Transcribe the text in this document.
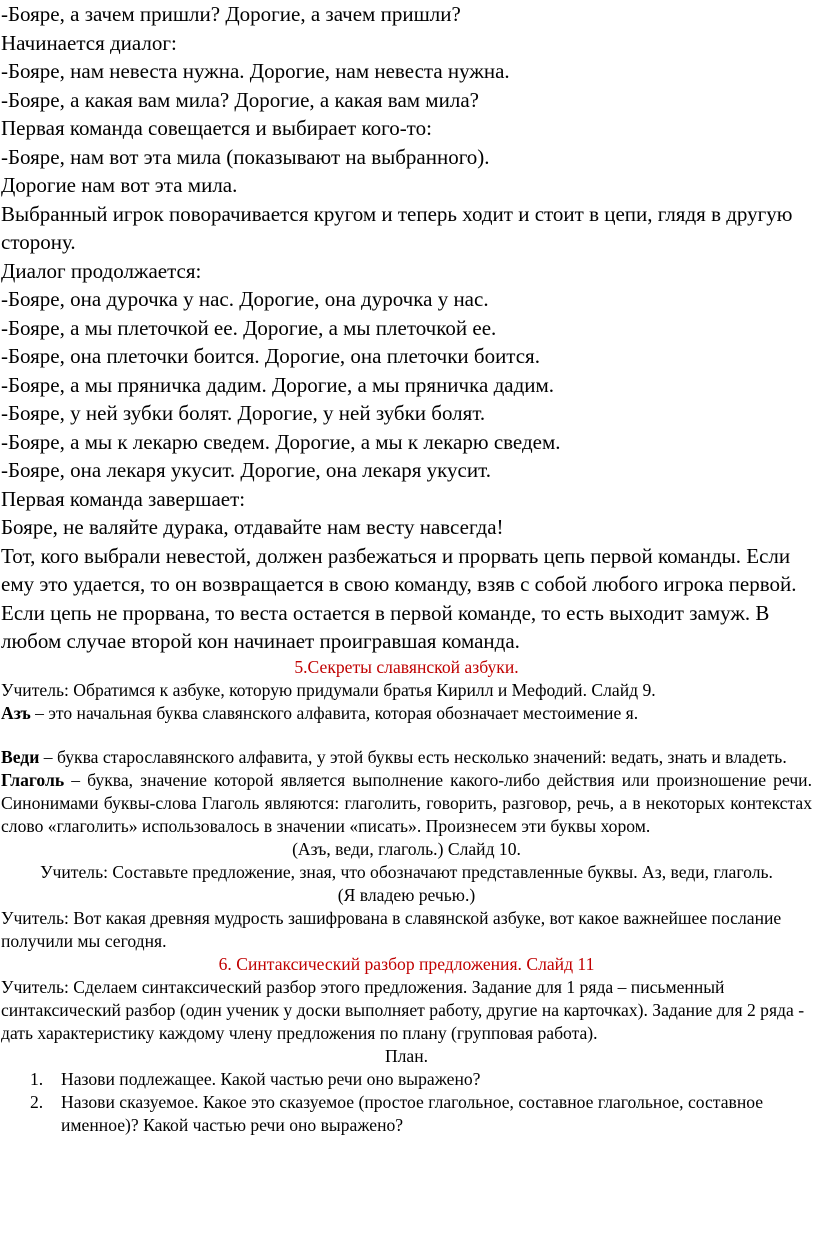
-Бояре, а зачем пришли? Дорогие, а зачем пришли?

Начинается диалог:

-Бояре, нам невеста нужна. Дорогие, нам невеста нужна.

-Бояре, а какая вам мила? Дорогие, а какая вам мила?

Первая команда совещается и выбирает кого-то:

-Бояре, нам вот эта мила (показывают на выбранного).

Дорогие нам вот эта мила.

Выбранный игрок поворачивается кругом и теперь ходит и стоит в цепи, глядя в другую сторону.

Диалог продолжается:

-Бояре, она дурочка у нас. Дорогие, она дурочка у нас.

-Бояре, а мы плеточкой ее. Дорогие, а мы плеточкой ее.

-Бояре, она плеточки боится. Дорогие, она плеточки боится.

-Бояре, а мы пряничка дадим. Дорогие, а мы пряничка дадим.

-Бояре, у ней зубки болят. Дорогие, у ней зубки болят.

-Бояре, а мы к лекарю сведем. Дорогие, а мы к лекарю сведем.

-Бояре, она лекаря укусит. Дорогие, она лекаря укусит.

Первая команда завершает:

Бояре, не валяйте дурака, отдавайте нам весту навсегда!

Тот, кого выбрали невестой, должен разбежаться и прорвать цепь первой команды. Если ему это удается, то он возвращается в свою команду, взяв с собой любого игрока первой. Если цепь не прорвана, то веста остается в первой команде, то есть выходит замуж. В любом случае второй кон начинает проигравшая команда.

5.Секреты славянской азбуки.

Учитель: Обратимся к азбуке, которую придумали братья Кирилл и Мефодий. Слайд 9.

Азъ – это начальная буква славянского алфавита, которая обозначает местоимение я.

Веди – буква старославянского алфавита, у этой буквы есть несколько значений: ведать, знать и владеть.

Глаголь – буква, значение которой является выполнение какого-либо действия или произношение речи. Синонимами буквы-слова Глаголь являются: глаголить, говорить, разговор, речь, а в некоторых контекстах слово «глаголить» использовалось в значении «писать». Произнесем эти буквы хором.

(Азъ, веди, глаголь.) Слайд 10.

Учитель: Составьте предложение, зная, что обозначают представленные буквы. Аз, веди, глаголь.

(Я владею речью.)

Учитель: Вот какая древняя мудрость зашифрована в славянской азбуке, вот какое важнейшее послание получили мы сегодня.

6. Синтаксический разбор предложения. Слайд 11

Учитель: Сделаем синтаксический разбор этого предложения. Задание для 1 ряда – письменный синтаксический разбор (один ученик у доски выполняет работу, другие на карточках). Задание для 2 ряда - дать характеристику каждому члену предложения по плану (групповая работа).

План.

1. Назови подлежащее. Какой частью речи оно выражено?
2. Назови сказуемое. Какое это сказуемое (простое глагольное, составное глагольное, составное именное)? Какой частью речи оно выражено?
